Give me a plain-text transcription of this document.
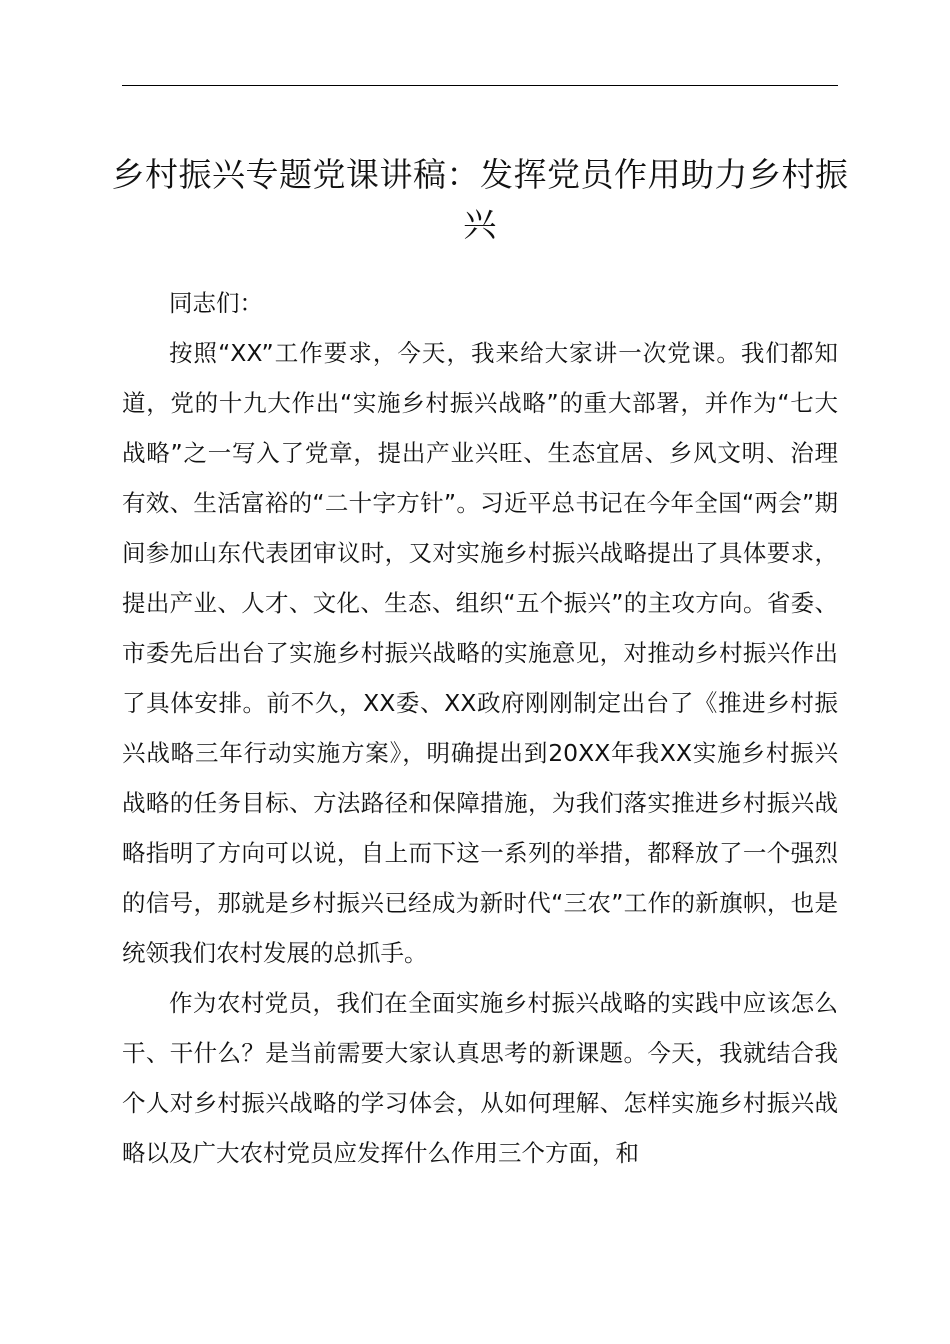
乡村振兴专题党课讲稿：发挥党员作用助力乡村振兴

同志们：

按照“XX”工作要求，今天，我来给大家讲一次党课。我们都知道，党的十九大作出“实施乡村振兴战略”的重大部署，并作为“七大战略”之一写入了党章，提出产业兴旺、生态宜居、乡风文明、治理有效、生活富裕的“二十字方针”。习近平总书记在今年全国“两会”期间参加山东代表团审议时，又对实施乡村振兴战略提出了具体要求，提出产业、人才、文化、生态、组织“五个振兴”的主攻方向。省委、市委先后出台了实施乡村振兴战略的实施意见，对推动乡村振兴作出了具体安排。前不久，XX委、XX政府刚刚制定出台了《推进乡村振兴战略三年行动实施方案》，明确提出到20XX年我XX实施乡村振兴战略的任务目标、方法路径和保障措施，为我们落实推进乡村振兴战略指明了方向可以说，自上而下这一系列的举措，都释放了一个强烈的信号，那就是乡村振兴已经成为新时代“三农”工作的新旗帜，也是统领我们农村发展的总抓手。

作为农村党员，我们在全面实施乡村振兴战略的实践中应该怎么干、干什么？是当前需要大家认真思考的新课题。今天，我就结合我个人对乡村振兴战略的学习体会，从如何理解、怎样实施乡村振兴战略以及广大农村党员应发挥什么作用三个方面，和
